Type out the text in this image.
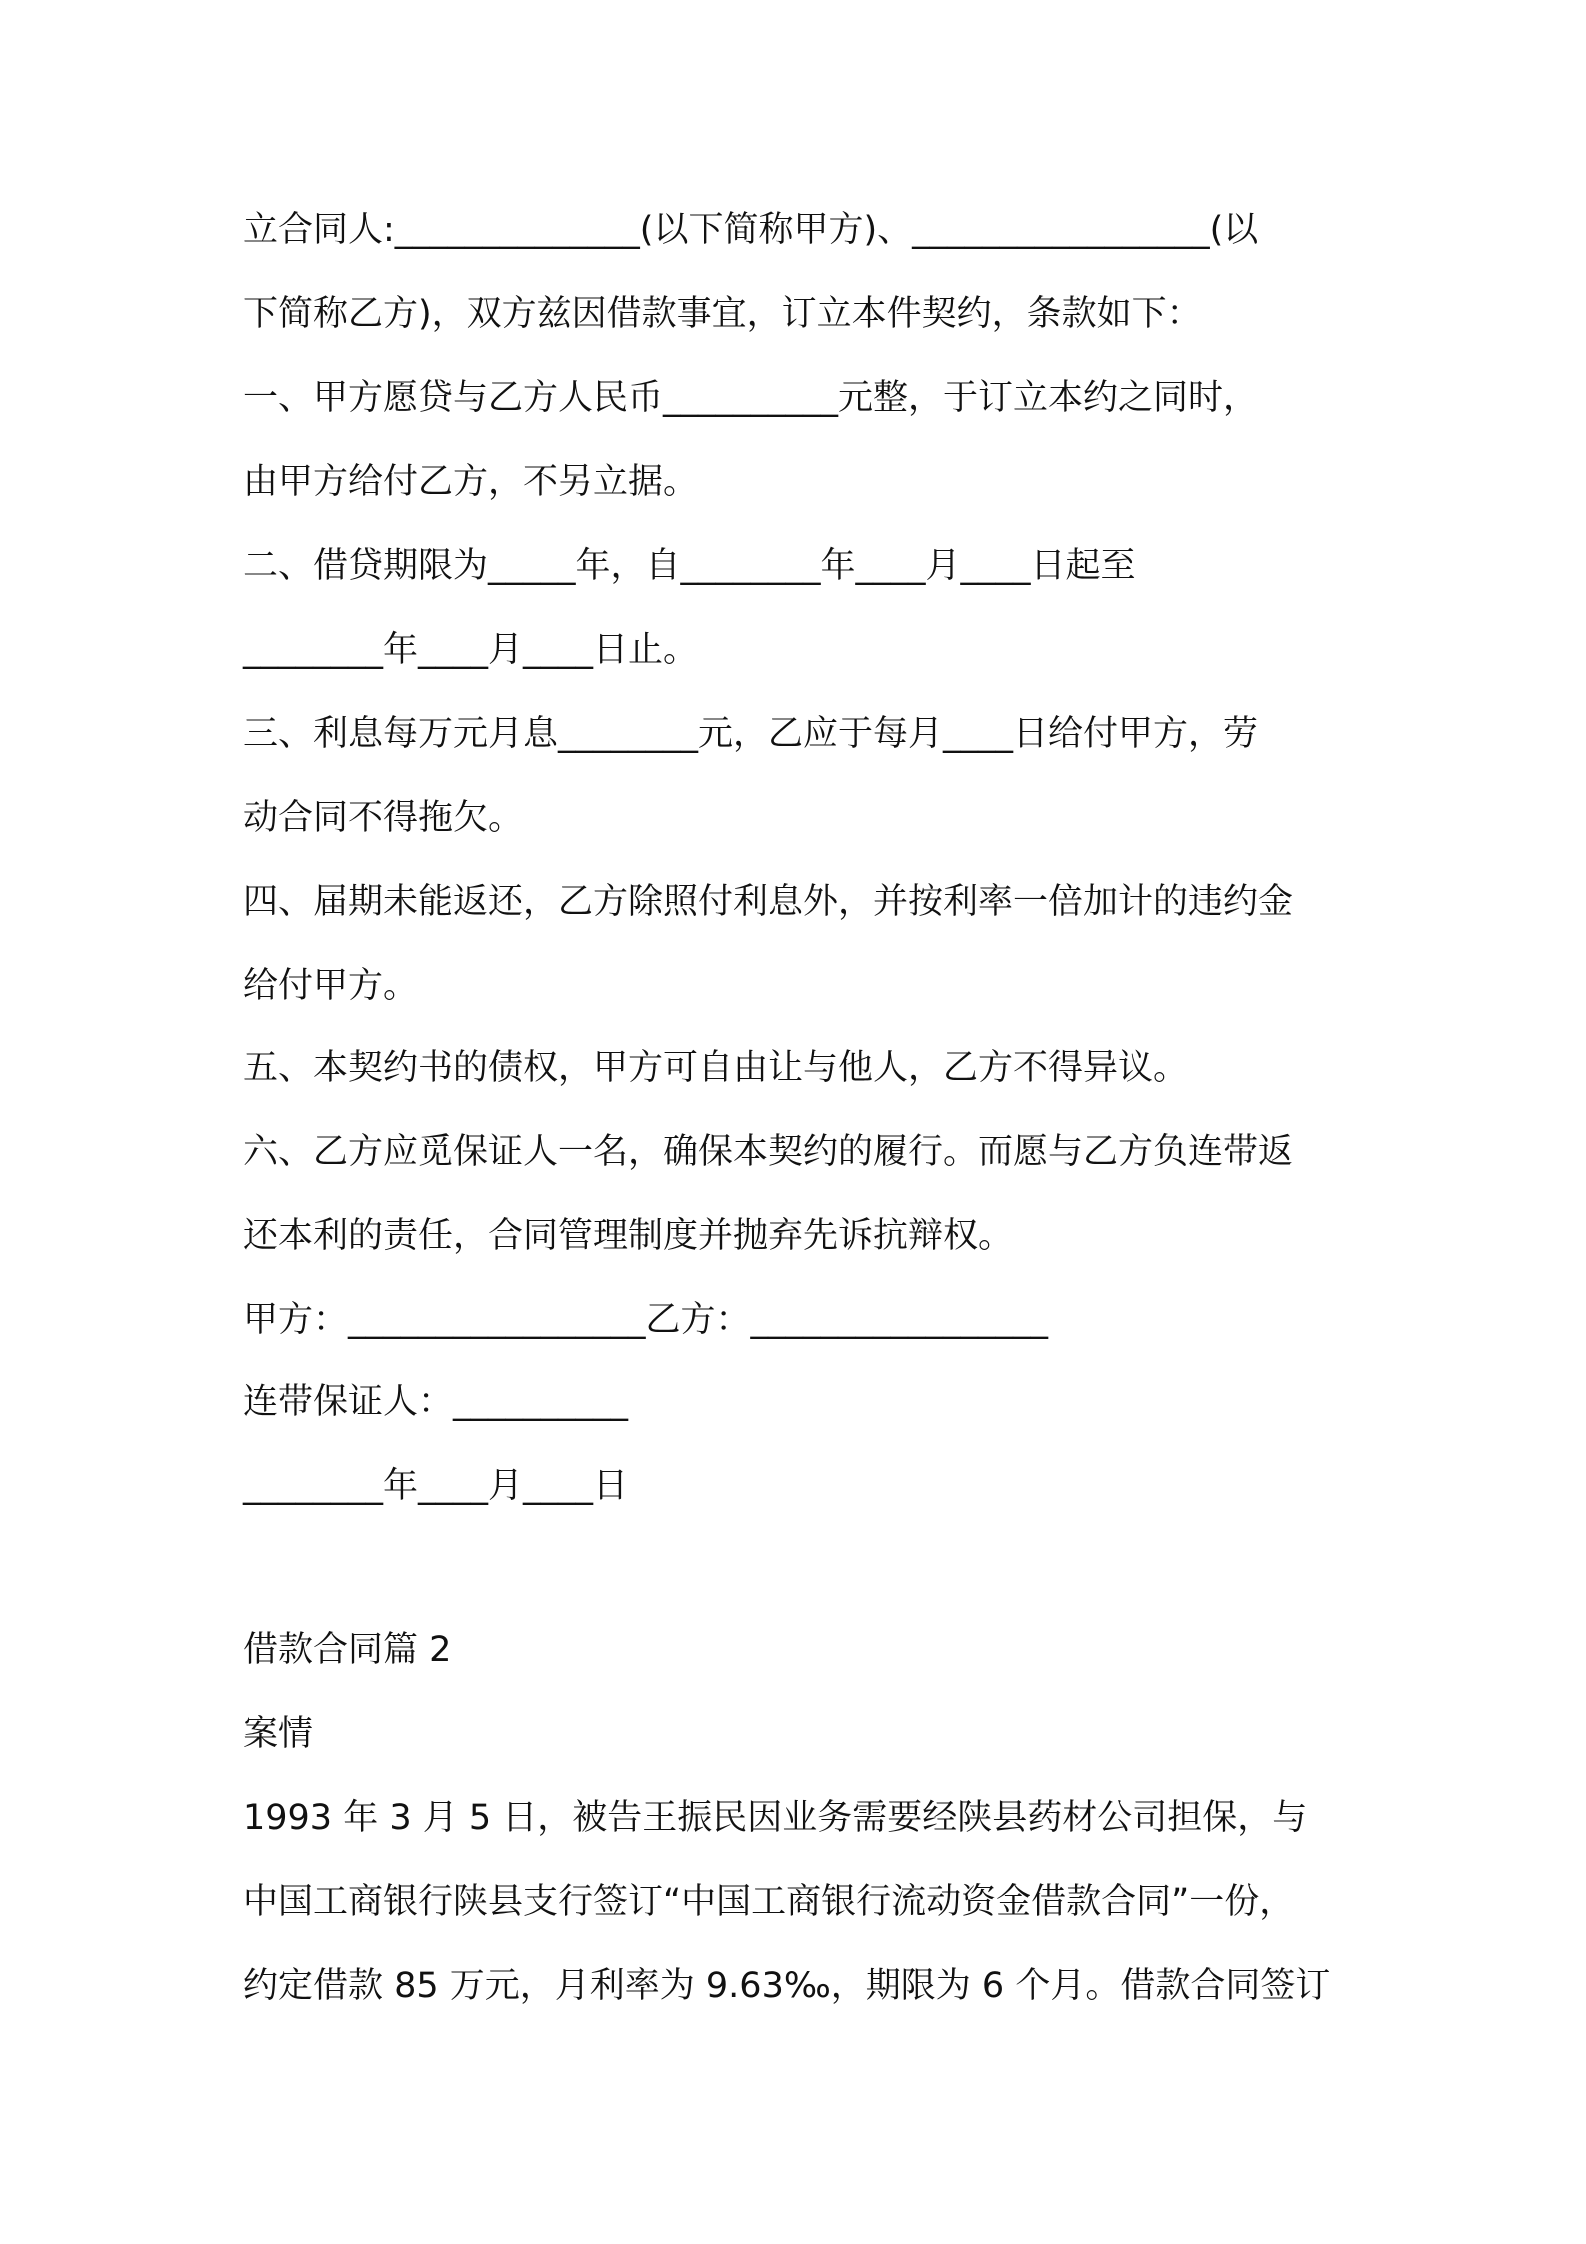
立合同人:______________(以下简称甲方)、_________________(以

下简称乙方)，双方兹因借款事宜，订立本件契约，条款如下：

一、甲方愿贷与乙方人民币__________元整，于订立本约之同时，

由甲方给付乙方，不另立据。

二、借贷期限为_____年，自________年____月____日起至

________年____月____日止。

三、利息每万元月息________元，乙应于每月____日给付甲方，劳

动合同不得拖欠。

四、届期未能返还，乙方除照付利息外，并按利率一倍加计的违约金

给付甲方。

五、本契约书的债权，甲方可自由让与他人，乙方不得异议。

六、乙方应觅保证人一名，确保本契约的履行。而愿与乙方负连带返

还本利的责任，合同管理制度并抛弃先诉抗辩权。

甲方：_________________乙方：_________________

连带保证人：__________

________年____月____日

借款合同篇 2

案情

1993 年 3 月 5 日，被告王振民因业务需要经陕县药材公司担保，与

中国工商银行陕县支行签订“中国工商银行流动资金借款合同”一份，

约定借款 85 万元，月利率为 9.63‰，期限为 6 个月。借款合同签订
